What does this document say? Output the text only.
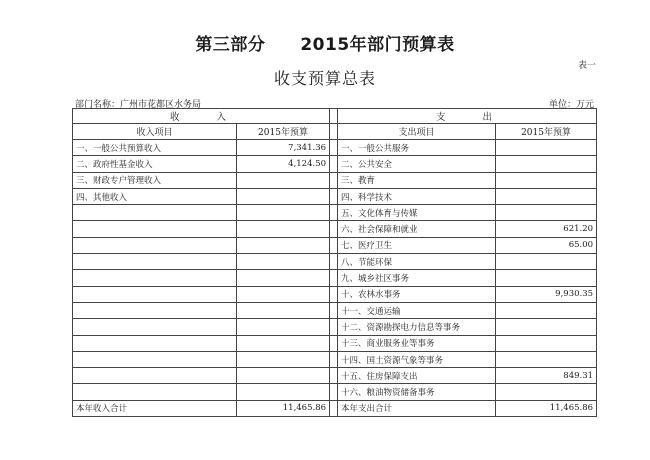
第三部分　　 2015年部门预算表
表一
收支预算总表
部门名称：广州市花都区水务局	单位：万元
收　　入			支　　出	
收入项目	2015年预算		支出项目	2015年预算
一、一般公共预算收入	7,341.36		一、一般公共服务	
二、政府性基金收入	4,124.50		二、公共安全	
三、财政专户管理收入			三、教育	
四、其他收入			四、科学技术	
			五、文化体育与传媒	
			六、社会保障和就业	621.20
			七、医疗卫生	65.00
			八、节能环保	
			九、城乡社区事务	
			十、农林水事务	9,930.35
			十一、交通运输	
			十二、资源勘探电力信息等事务	
			十三、商业服务业等事务	
			十四、国土资源气象等事务	
			十五、住房保障支出	849.31
			十六、粮油物资储备事务	
本年收入合计	11,465.86		本年支出合计	11,465.86
